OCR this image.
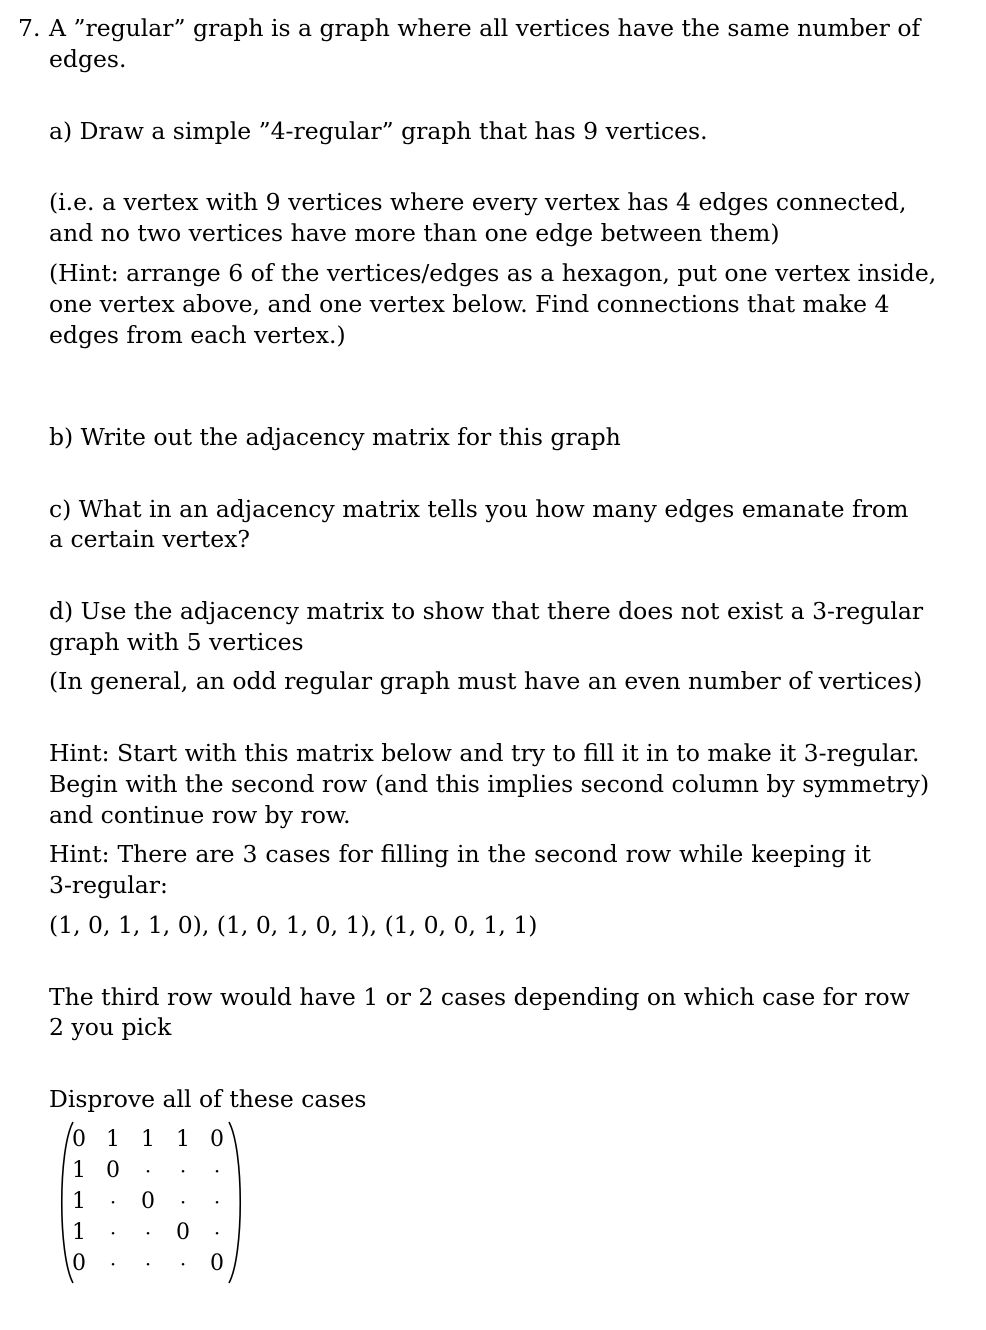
7. A ”regular” graph is a graph where all vertices have the same number of
edges.
a) Draw a simple ”4-regular” graph that has 9 vertices.
(i.e. a vertex with 9 vertices where every vertex has 4 edges connected,
and no two vertices have more than one edge between them)
(Hint: arrange 6 of the vertices/edges as a hexagon, put one vertex inside,
one vertex above, and one vertex below. Find connections that make 4
edges from each vertex.)
b) Write out the adjacency matrix for this graph
c) What in an adjacency matrix tells you how many edges emanate from
a certain vertex?
d) Use the adjacency matrix to show that there does not exist a 3-regular
graph with 5 vertices
(In general, an odd regular graph must have an even number of vertices)
Hint: Start with this matrix below and try to fill it in to make it 3-regular.
Begin with the second row (and this implies second column by symmetry)
and continue row by row.
Hint: There are 3 cases for filling in the second row while keeping it
3-regular:
(1, 0, 1, 1, 0), (1, 0, 1, 0, 1), (1, 0, 0, 1, 1)
The third row would have 1 or 2 cases depending on which case for row
2 you pick
Disprove all of these cases
0 1 1 1 0
1 0	·	·	·
1	·	0	·	·
1	·	·	0	·
0	·	·	·	0
